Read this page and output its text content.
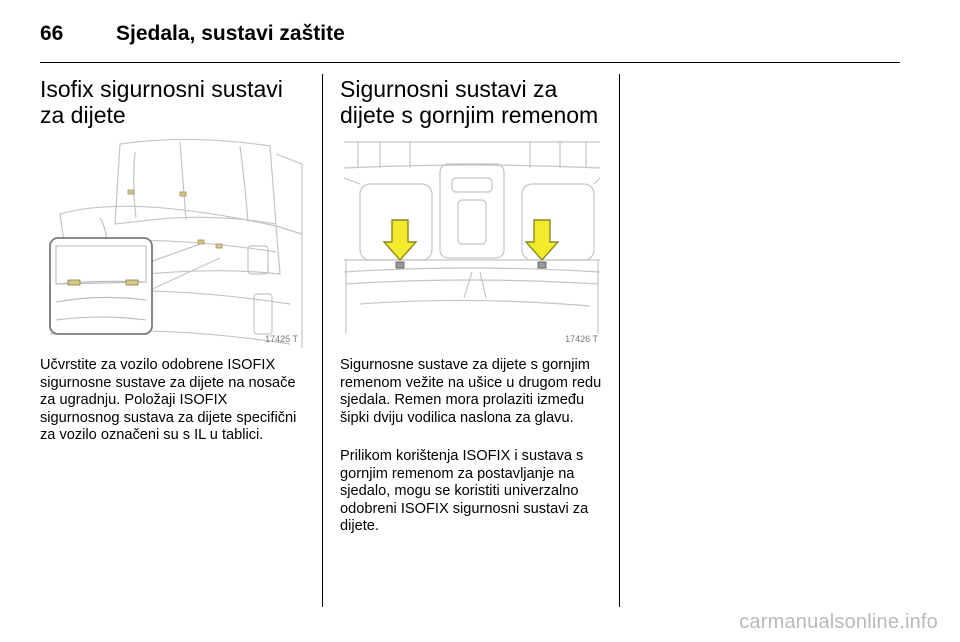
66	Sjedala, sustavi zaštite
Isofix sigurnosni sustavi za dijete
Sigurnosni sustavi za dijete s gornjim remenom
17425 T	17426 T

Učvrstite za vozilo odobrene ISOFIX sigurnosne sustave za dijete na nosače za ugradnju. Položaji ISOFIX sigurnosnog sustava za dijete specifični za vozilo označeni su s IL u tablici.

Sigurnosne sustave za dijete s gornjim remenom vežite na ušice u drugom redu sjedala. Remen mora prolaziti između šipki dviju vodilica naslona za glavu.

Prilikom korištenja ISOFIX i sustava s gornjim remenom za postavljanje na sjedalo, mogu se koristiti univerzalno odobreni ISOFIX sigurnosni sustavi za dijete.

carmanualsonline.info
